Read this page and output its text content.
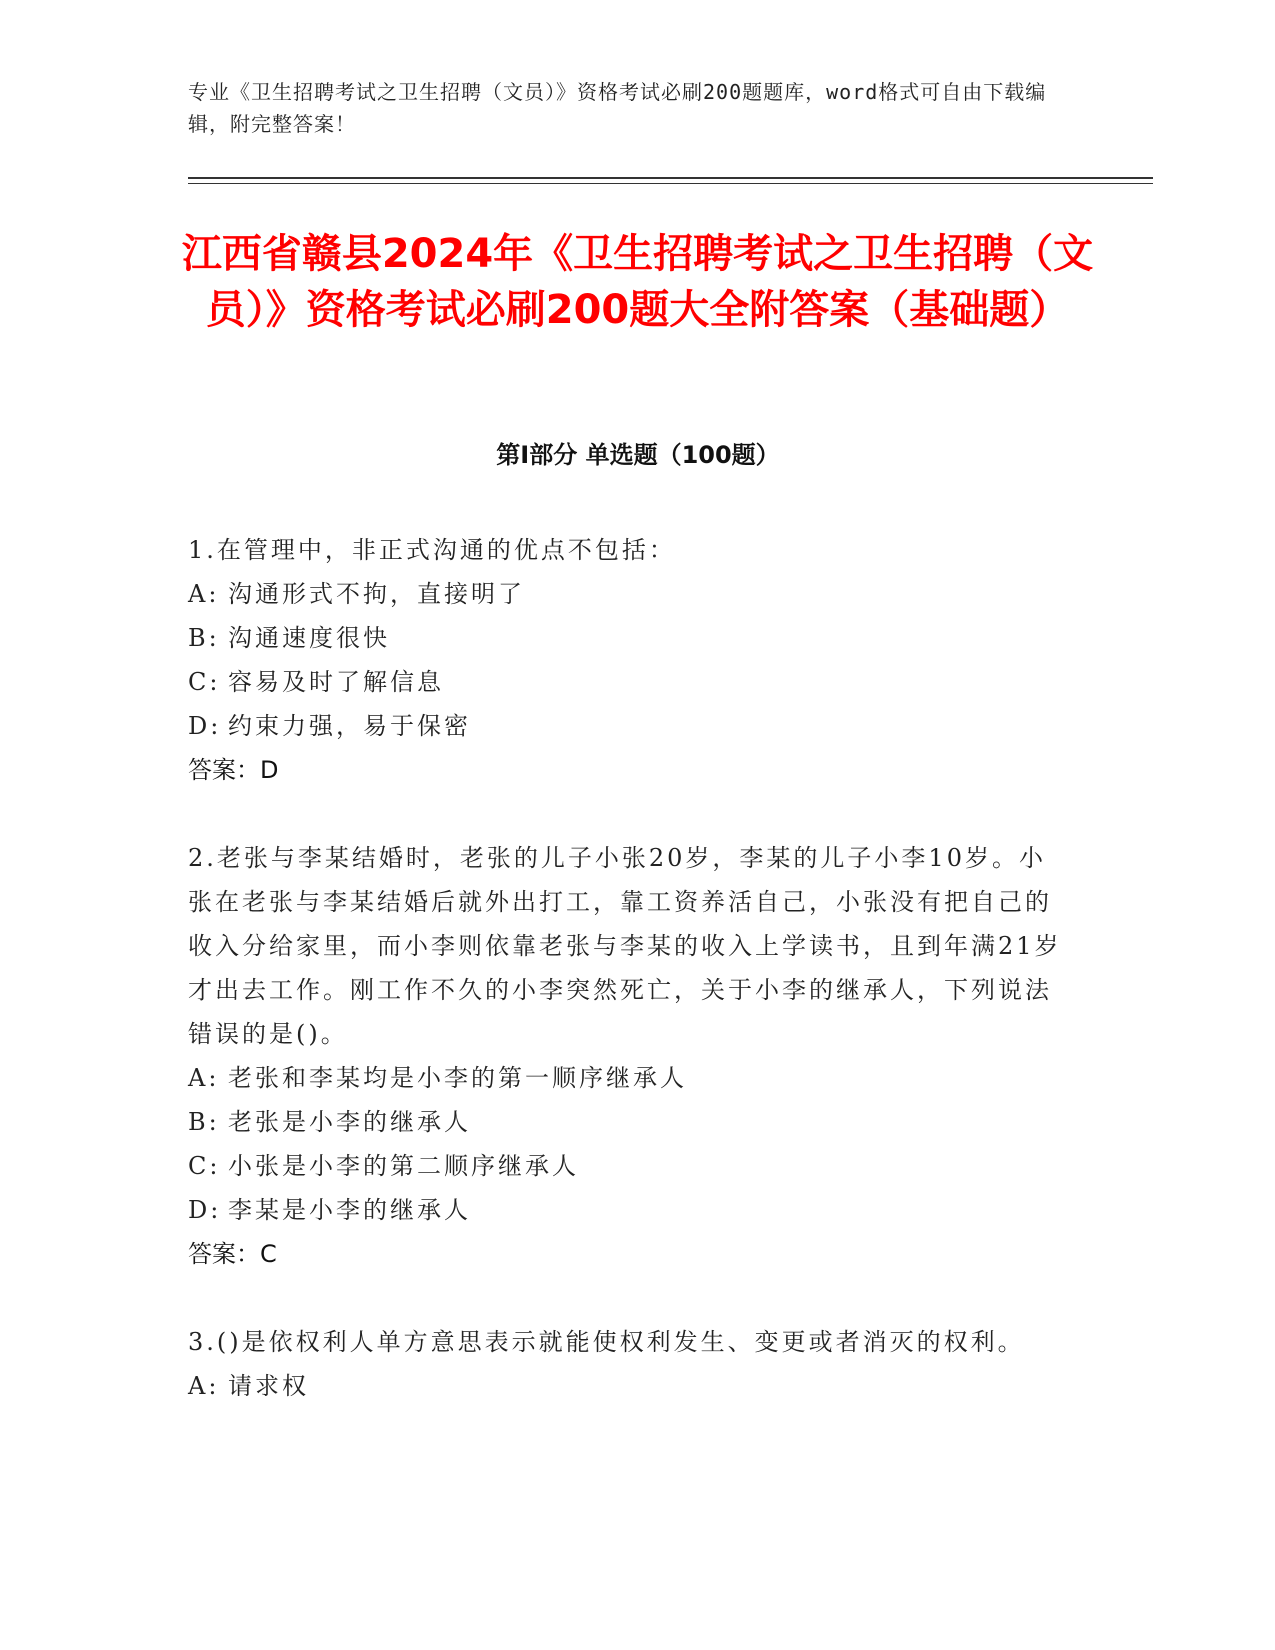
专业《卫生招聘考试之卫生招聘（文员）》资格考试必刷200题题库，word格式可自由下载编辑，附完整答案！
江西省赣县2024年《卫生招聘考试之卫生招聘（文员）》资格考试必刷200题大全附答案（基础题）
第Ⅰ部分 单选题（100题）
1.在管理中，非正式沟通的优点不包括：
A: 沟通形式不拘，直接明了
B: 沟通速度很快
C: 容易及时了解信息
D: 约束力强，易于保密
答案：D
2.老张与李某结婚时，老张的儿子小张20岁，李某的儿子小李10岁。小张在老张与李某结婚后就外出打工，靠工资养活自己，小张没有把自己的收入分给家里，而小李则依靠老张与李某的收入上学读书，且到年满21岁才出去工作。刚工作不久的小李突然死亡，关于小李的继承人，下列说法错误的是()。
A: 老张和李某均是小李的第一顺序继承人
B: 老张是小李的继承人
C: 小张是小李的第二顺序继承人
D: 李某是小李的继承人
答案：C
3.()是依权利人单方意思表示就能使权利发生、变更或者消灭的权利。
A: 请求权
